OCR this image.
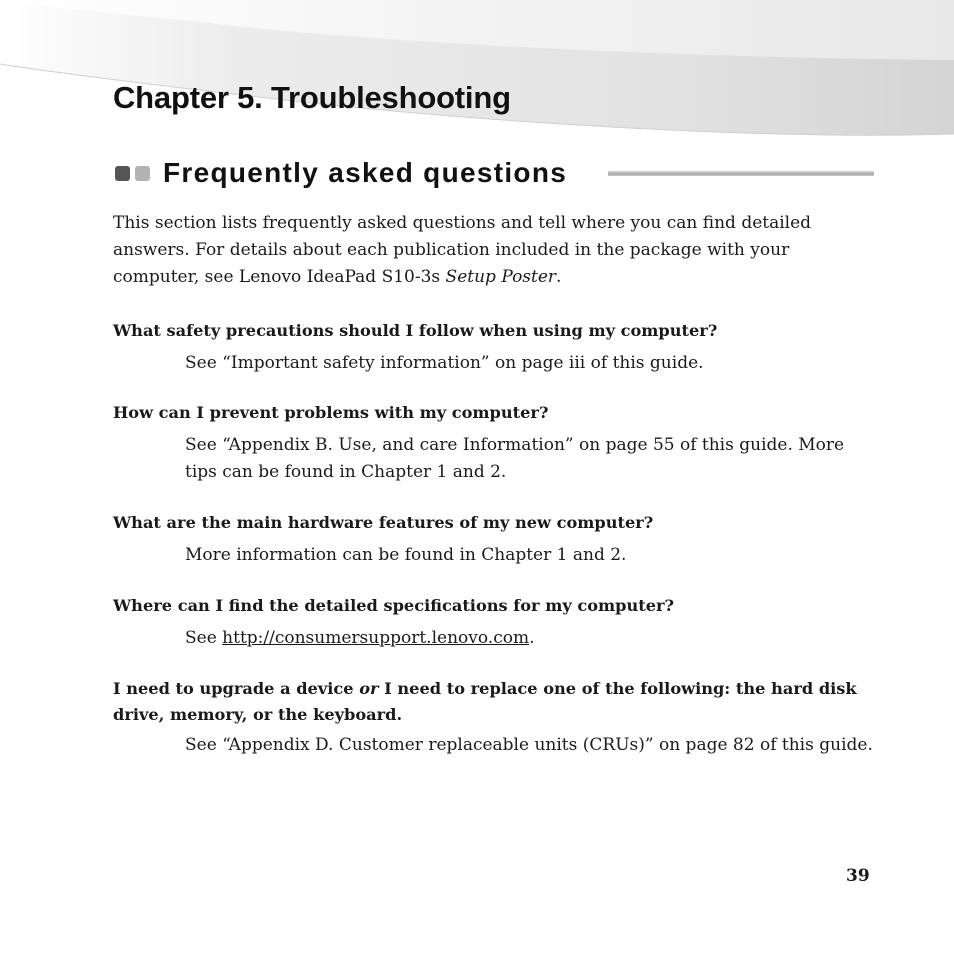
Chapter 5. Troubleshooting
Frequently asked questions

This section lists frequently asked questions and tell where you can find detailed answers. For details about each publication included in the package with your computer, see Lenovo IdeaPad S10-3s Setup Poster.

What safety precautions should I follow when using my computer?

See “Important safety information” on page iii of this guide.

How can I prevent problems with my computer?

See “Appendix B. Use, and care Information” on page 55 of this guide. More tips can be found in Chapter 1 and 2.

What are the main hardware features of my new computer?

More information can be found in Chapter 1 and 2.

Where can I find the detailed specifications for my computer?

See http://consumersupport.lenovo.com.

I need to upgrade a device or I need to replace one of the following: the hard disk drive, memory, or the keyboard.

See “Appendix D. Customer replaceable units (CRUs)” on page 82 of this guide.

39
